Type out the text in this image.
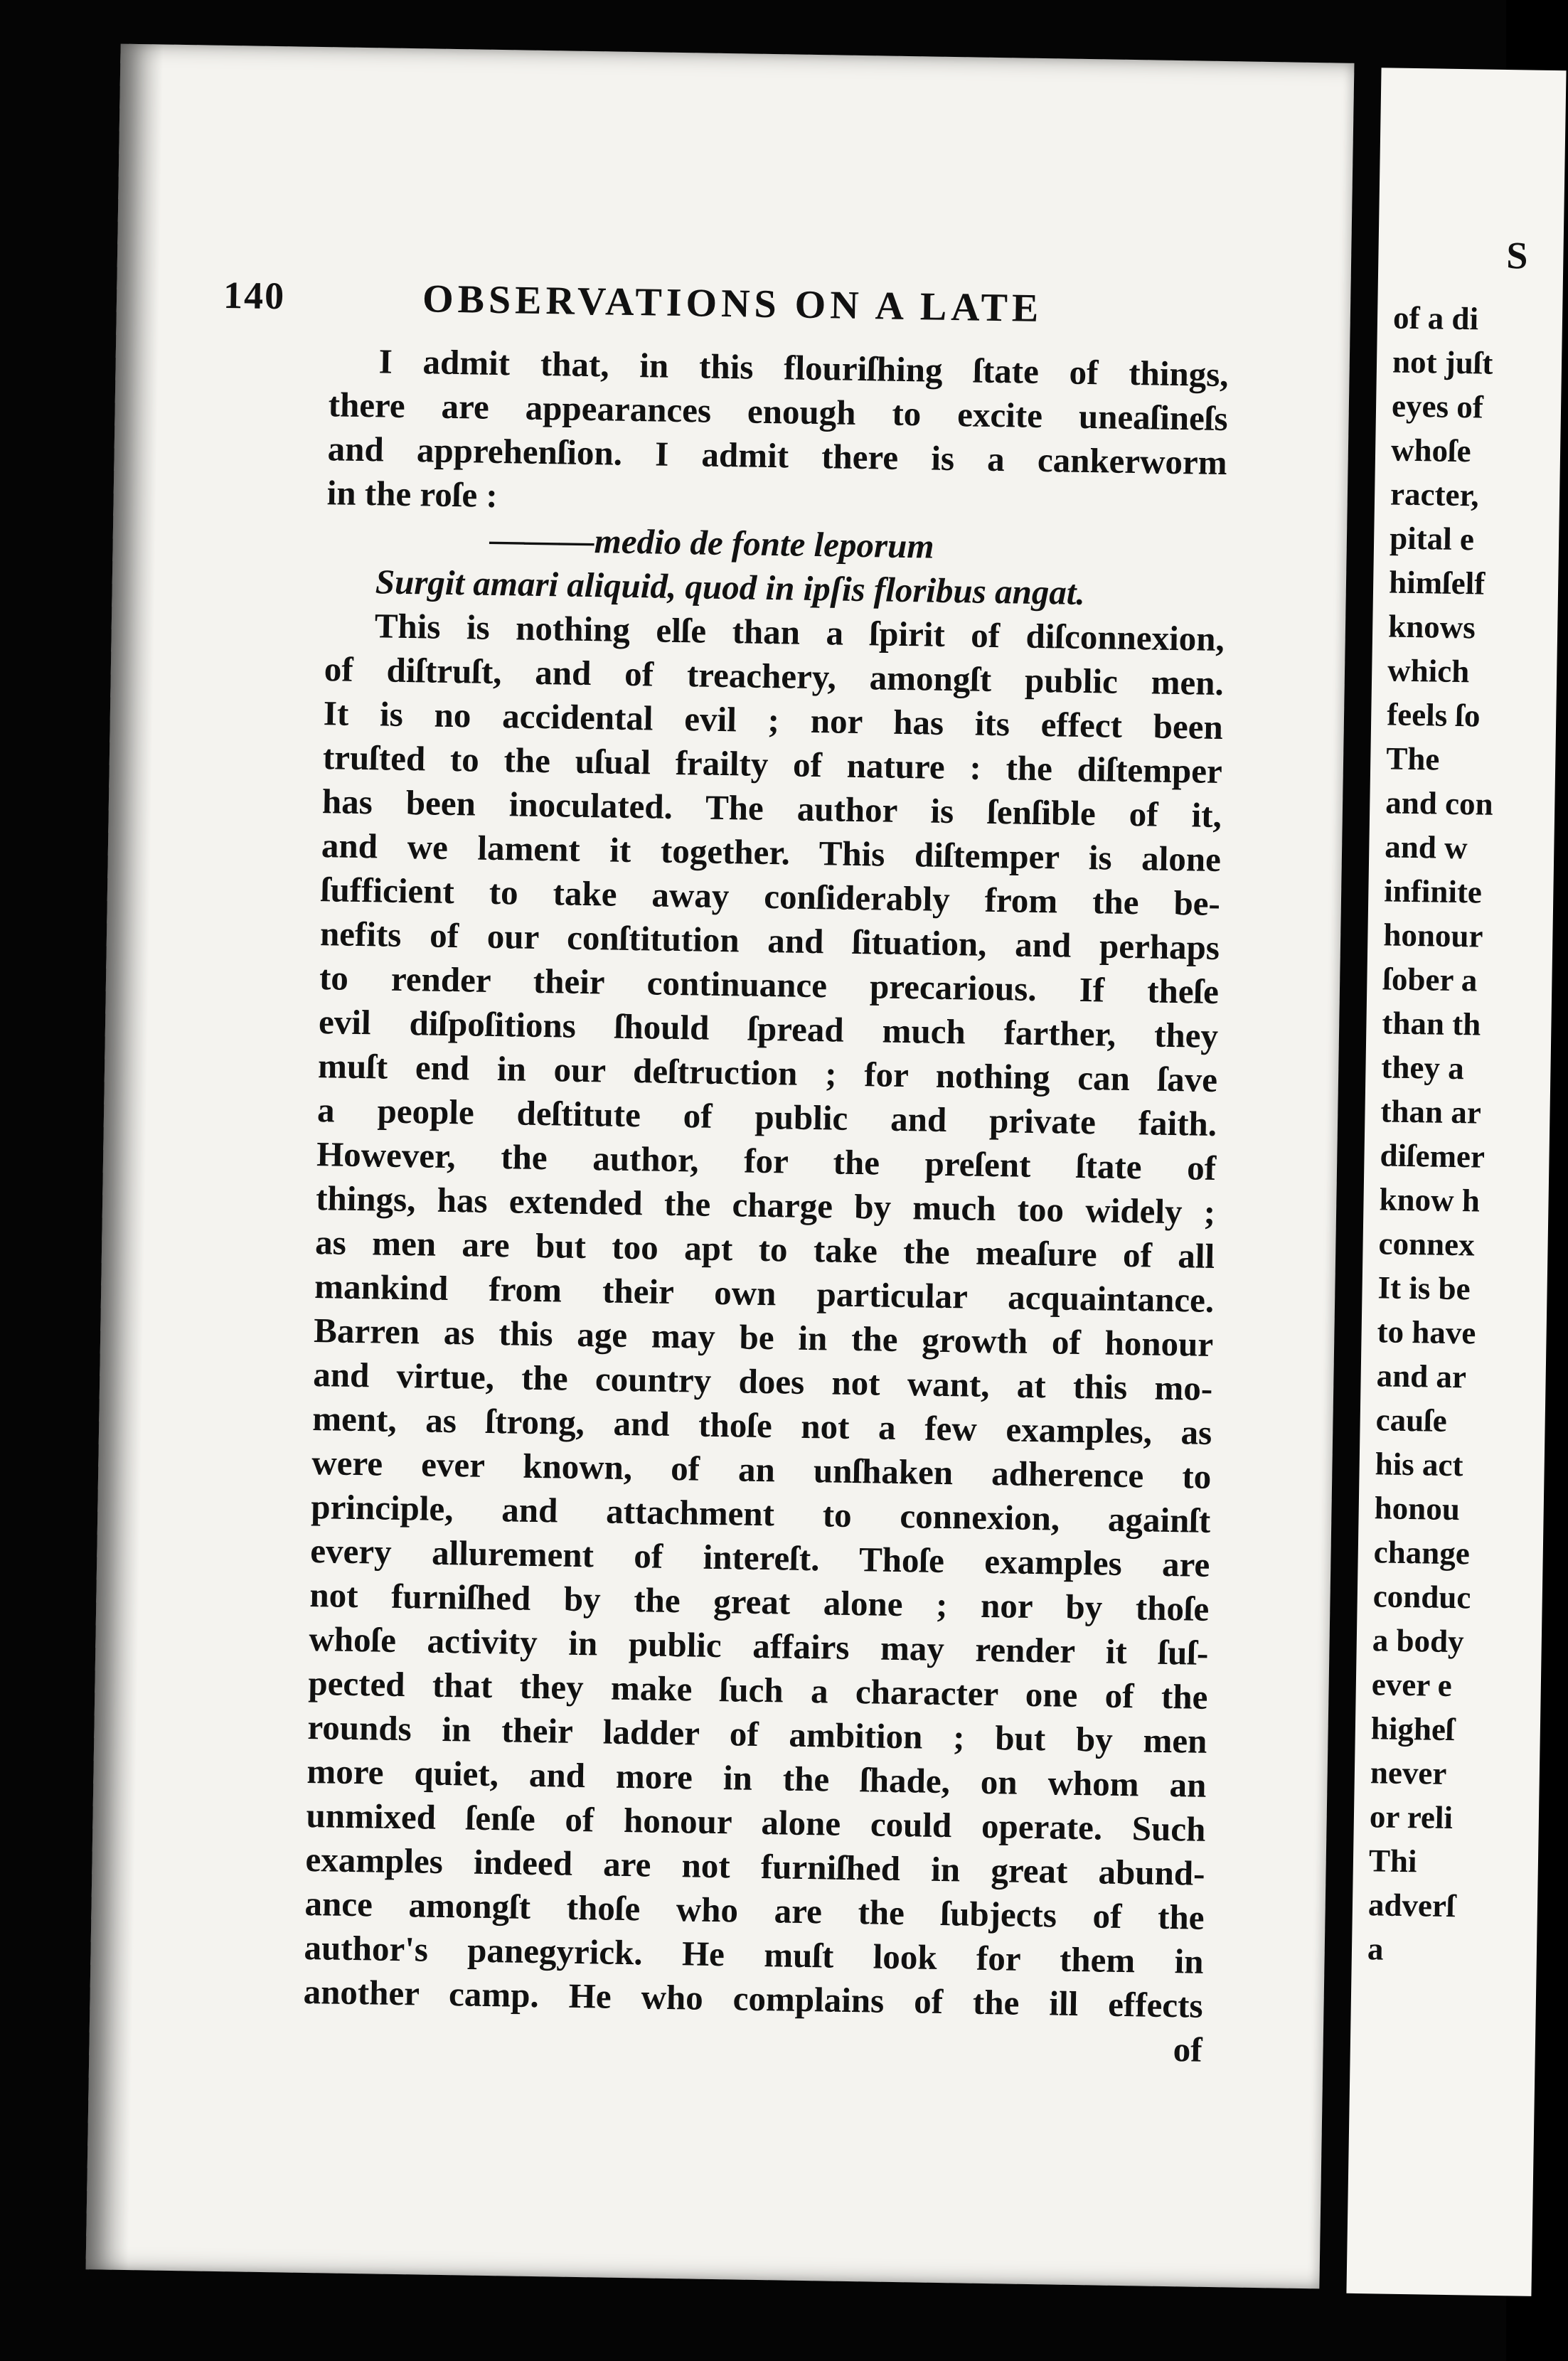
140	OBSERVATIONS ON A LATE
I admit that, in this flouriſhing ſtate of things,
there are appearances enough to excite uneaſineſs
and apprehenſion. I admit there is a cankerworm
in the roſe :
———medio de fonte leporum
Surgit amari aliquid, quod in ipſis floribus angat.
This is nothing elſe than a ſpirit of diſconnexion,
of diſtruſt, and of treachery, amongſt public men.
It is no accidental evil ; nor has its effect been
truſted to the uſual frailty of nature : the diſtemper
has been inoculated. The author is ſenſible of it,
and we lament it together. This diſtemper is alone
ſufficient to take away conſiderably from the be-
nefits of our conſtitution and ſituation, and perhaps
to render their continuance precarious. If theſe
evil diſpoſitions ſhould ſpread much farther, they
muſt end in our deſtruction ; for nothing can ſave
a people deſtitute of public and private faith.
However, the author, for the preſent ſtate of
things, has extended the charge by much too widely ;
as men are but too apt to take the meaſure of all
mankind from their own particular acquaintance.
Barren as this age may be in the growth of honour
and virtue, the country does not want, at this mo-
ment, as ſtrong, and thoſe not a few examples, as
were ever known, of an unſhaken adherence to
principle, and attachment to connexion, againſt
every allurement of intereſt. Thoſe examples are
not furniſhed by the great alone ; nor by thoſe
whoſe activity in public affairs may render it ſuſ-
pected that they make ſuch a character one of the
rounds in their ladder of ambition ; but by men
more quiet, and more in the ſhade, on whom an
unmixed ſenſe of honour alone could operate. Such
examples indeed are not furniſhed in great abund-
ance amongſt thoſe who are the ſubjects of the
author's panegyrick. He muſt look for them in
another camp. He who complains of the ill effects
of
S
of a di
not juſt
eyes of
whoſe
racter,
pital e
himſelf
knows
which
feels ſo
The
and con
and w
infinite
honour
ſober a
than th
they a
than ar
diſemer
know h
connex
It is be
to have
and ar
cauſe
his act
honou
change
conduc
a body
ever e
higheſ
never
or reli
Thi
adverſ
a
